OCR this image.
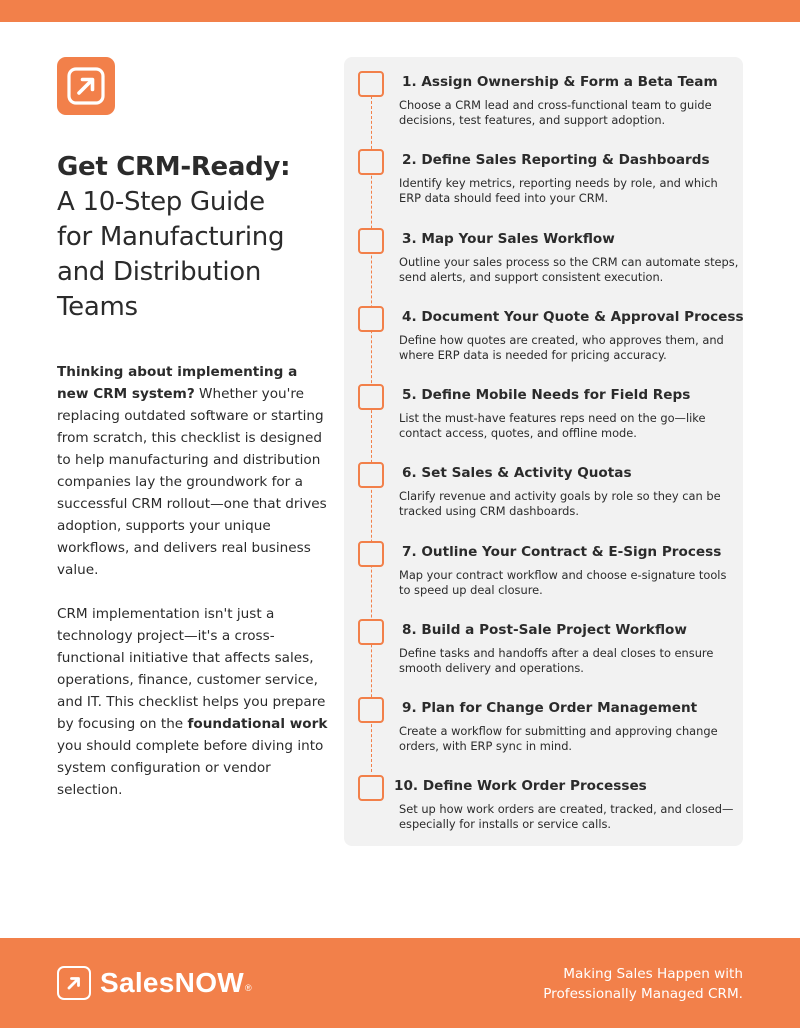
Get CRM-Ready:
A 10-Step Guide
for Manufacturing
and Distribution
Teams

Thinking about implementing a new CRM system? Whether you're replacing outdated software or starting from scratch, this checklist is designed to help manufacturing and distribution companies lay the groundwork for a successful CRM rollout—one that drives adoption, supports your unique workflows, and delivers real business value.

CRM implementation isn't just a technology project—it's a cross-functional initiative that affects sales, operations, finance, customer service, and IT. This checklist helps you prepare by focusing on the foundational work you should complete before diving into system configuration or vendor selection.

1. Assign Ownership & Form a Beta Team
Choose a CRM lead and cross-functional team to guide decisions, test features, and support adoption.
2. Define Sales Reporting & Dashboards
Identify key metrics, reporting needs by role, and which ERP data should feed into your CRM.
3. Map Your Sales Workflow
Outline your sales process so the CRM can automate steps, send alerts, and support consistent execution.
4. Document Your Quote & Approval Process
Define how quotes are created, who approves them, and where ERP data is needed for pricing accuracy.
5. Define Mobile Needs for Field Reps
List the must-have features reps need on the go—like contact access, quotes, and offline mode.
6. Set Sales & Activity Quotas
Clarify revenue and activity goals by role so they can be tracked using CRM dashboards.
7. Outline Your Contract & E-Sign Process
Map your contract workflow and choose e-signature tools to speed up deal closure.
8. Build a Post-Sale Project Workflow
Define tasks and handoffs after a deal closes to ensure smooth delivery and operations.
9. Plan for Change Order Management
Create a workflow for submitting and approving change orders, with ERP sync in mind.
10. Define Work Order Processes
Set up how work orders are created, tracked, and closed—especially for installs or service calls.
SalesNOW ®
Making Sales Happen with
Professionally Managed CRM.
